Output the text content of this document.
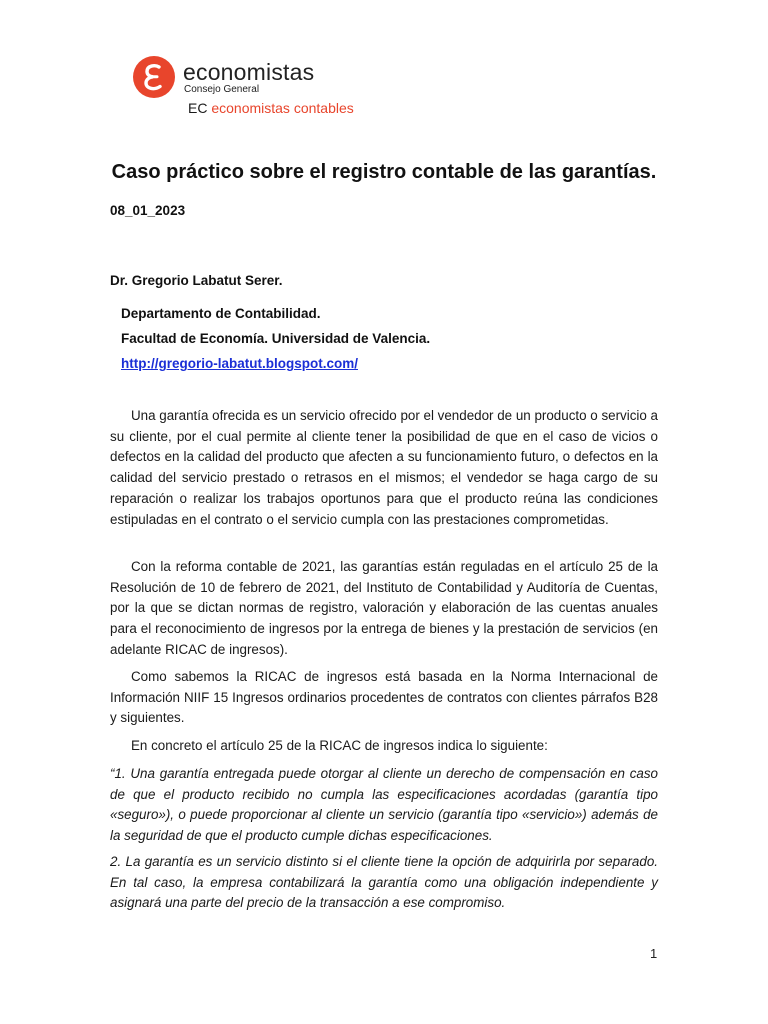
economistas
Consejo General
EC economistas contables
Caso práctico sobre el registro contable de las garantías.
08_01_2023
Dr. Gregorio Labatut Serer.
Departamento de Contabilidad.
Facultad de Economía. Universidad de Valencia.
http://gregorio-labatut.blogspot.com/
Una garantía ofrecida es un servicio ofrecido por el vendedor de un producto o servicio a su cliente, por el cual permite al cliente tener la posibilidad de que en el caso de vicios o defectos en la calidad del producto que afecten a su funcionamiento futuro, o defectos en la calidad del servicio prestado o retrasos en el mismos; el vendedor se haga cargo de su reparación o realizar los trabajos oportunos para que el producto reúna las condiciones estipuladas en el contrato o el servicio cumpla con las prestaciones comprometidas.
Con la reforma contable de 2021, las garantías están reguladas en el artículo 25 de la Resolución de 10 de febrero de 2021, del Instituto de Contabilidad y Auditoría de Cuentas, por la que se dictan normas de registro, valoración y elaboración de las cuentas anuales para el reconocimiento de ingresos por la entrega de bienes y la prestación de servicios (en adelante RICAC de ingresos).
Como sabemos la RICAC de ingresos está basada en la Norma Internacional de Información NIIF 15 Ingresos ordinarios procedentes de contratos con clientes párrafos B28 y siguientes.
En concreto el artículo 25 de la RICAC de ingresos indica lo siguiente:
“1. Una garantía entregada puede otorgar al cliente un derecho de compensación en caso de que el producto recibido no cumpla las especificaciones acordadas (garantía tipo «seguro»), o puede proporcionar al cliente un servicio (garantía tipo «servicio») además de la seguridad de que el producto cumple dichas especificaciones.
2. La garantía es un servicio distinto si el cliente tiene la opción de adquirirla por separado. En tal caso, la empresa contabilizará la garantía como una obligación independiente y asignará una parte del precio de la transacción a ese compromiso.
1
